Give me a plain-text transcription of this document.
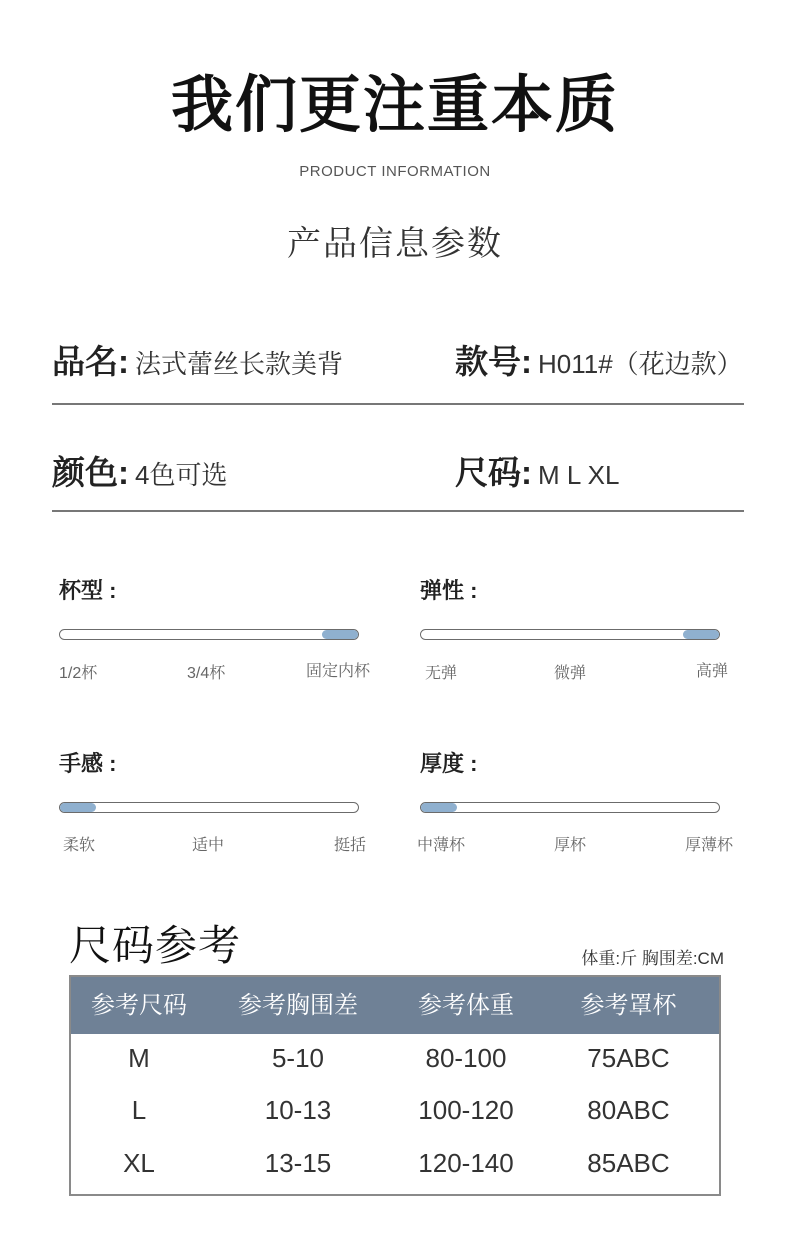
我们更注重本质
PRODUCT INFORMATION
产品信息参数
品名: 法式蕾丝长款美背	款号: H011#（花边款）
颜色: 4色可选	尺码: M L XL
杯型 :
1/2杯	3/4杯	固定内杯
弹性 :
无弹	微弹	高弹
手感 :
柔软	适中	挺括
厚度 :
中薄杯	厚杯	厚薄杯
尺码参考	体重:斤 胸围差:CM
参考尺码	参考胸围差	参考体重	参考罩杯
M	5-10	80-100	75ABC
L	10-13	100-120	80ABC
XL	13-15	120-140	85ABC
